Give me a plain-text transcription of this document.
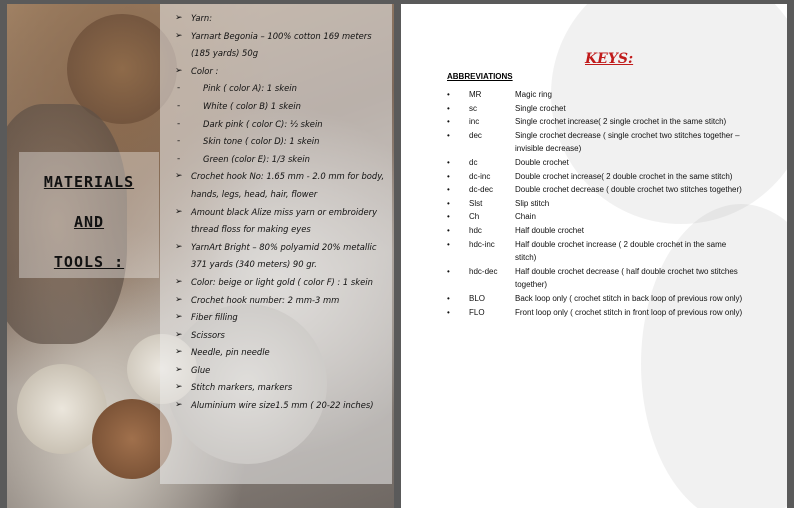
MATERIALS
AND
TOOLS :
➢ Yarn:
➢ Yarnart Begonia – 100% cotton 169 meters (185 yards) 50g
➢ Color :
-	Pink ( color A): 1 skein
-	White ( color B) 1 skein
-	Dark pink ( color C): ½ skein
-	Skin tone ( color D): 1 skein
-	Green (color E): 1/3 skein
➢ Crochet hook No: 1.65 mm - 2.0 mm for body, hands, legs, head, hair, flower
➢ Amount black Alize miss yarn or embroidery thread floss for making eyes
➢ YarnArt Bright – 80% polyamid 20% metallic 371 yards (340 meters) 90 gr.
➢ Color: beige or light gold ( color F) : 1 skein
➢ Crochet hook number: 2 mm-3 mm
➢ Fiber filling
➢ Scissors
➢ Needle, pin needle
➢ Glue
➢ Stitch markers, markers
➢ Aluminium wire size1.5 mm ( 20-22 inches)
KEYS:
ABBREVIATIONS
• MR	Magic ring
• sc	Single crochet
• inc	Single crochet increase( 2 single crochet in the same stitch)
• dec	Single crochet decrease ( single crochet two stitches together – invisible decrease)
• dc	Double crochet
• dc-inc	Double crochet increase( 2 double crochet in the same stitch)
• dc-dec	Double crochet decrease ( double crochet two stitches together)
• Slst	Slip stitch
• Ch	Chain
• hdc	Half double crochet
• hdc-inc	Half double crochet increase ( 2 double crochet in the same stitch)
• hdc-dec	Half double crochet decrease ( half double crochet two stitches together)
• BLO	Back loop only ( crochet stitch in back loop of previous row only)
• FLO	Front loop only ( crochet stitch in front loop of previous row only)
